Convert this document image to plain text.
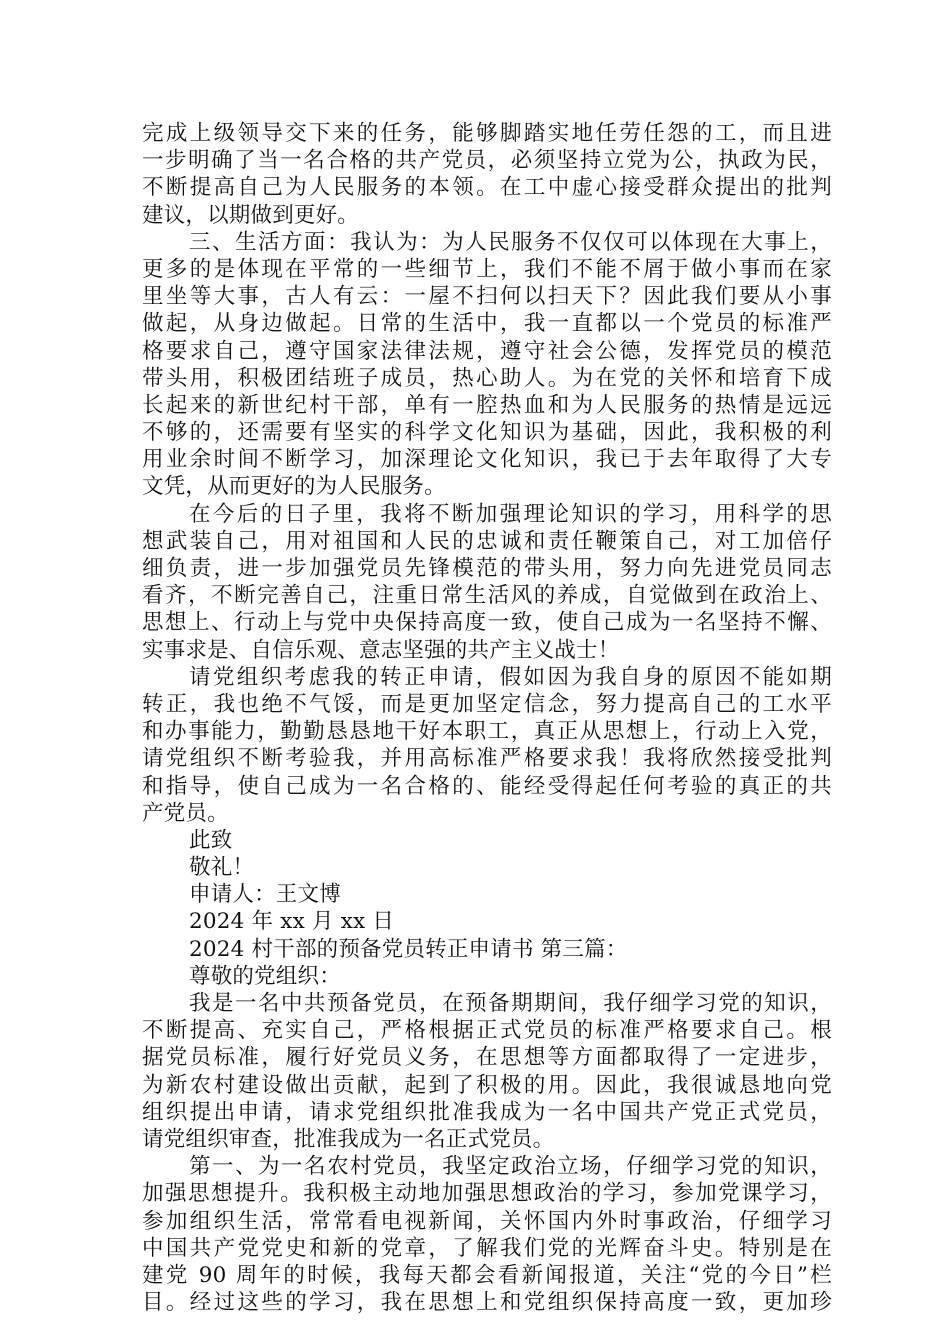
完成上级领导交下来的任务，能够脚踏实地任劳任怨的工，而且进
一步明确了当一名合格的共产党员，必须坚持立党为公，执政为民，
不断提高自己为人民服务的本领。在工中虚心接受群众提出的批判
建议，以期做到更好。
三、生活方面：我认为：为人民服务不仅仅可以体现在大事上，
更多的是体现在平常的一些细节上，我们不能不屑于做小事而在家
里坐等大事，古人有云：一屋不扫何以扫天下？因此我们要从小事
做起，从身边做起。日常的生活中，我一直都以一个党员的标准严
格要求自己，遵守国家法律法规，遵守社会公德，发挥党员的模范
带头用，积极团结班子成员，热心助人。为在党的关怀和培育下成
长起来的新世纪村干部，单有一腔热血和为人民服务的热情是远远
不够的，还需要有坚实的科学文化知识为基础，因此，我积极的利
用业余时间不断学习，加深理论文化知识，我已于去年取得了大专
文凭，从而更好的为人民服务。
在今后的日子里，我将不断加强理论知识的学习，用科学的思
想武装自己，用对祖国和人民的忠诚和责任鞭策自己，对工加倍仔
细负责，进一步加强党员先锋模范的带头用，努力向先进党员同志
看齐，不断完善自己，注重日常生活风的养成，自觉做到在政治上、
思想上、行动上与党中央保持高度一致，使自己成为一名坚持不懈、
实事求是、自信乐观、意志坚强的共产主义战士！
请党组织考虑我的转正申请，假如因为我自身的原因不能如期
转正，我也绝不气馁，而是更加坚定信念，努力提高自己的工水平
和办事能力，勤勤恳恳地干好本职工，真正从思想上，行动上入党，
请党组织不断考验我，并用高标准严格要求我！我将欣然接受批判
和指导，使自己成为一名合格的、能经受得起任何考验的真正的共
产党员。
此致
敬礼！
申请人：王文博
2024 年 xx 月 xx 日
2024 村干部的预备党员转正申请书 第三篇：
尊敬的党组织：
我是一名中共预备党员，在预备期期间，我仔细学习党的知识，
不断提高、充实自己，严格根据正式党员的标准严格要求自己。根
据党员标准，履行好党员义务，在思想等方面都取得了一定进步，
为新农村建设做出贡献，起到了积极的用。因此，我很诚恳地向党
组织提出申请，请求党组织批准我成为一名中国共产党正式党员，
请党组织审查，批准我成为一名正式党员。
第一、为一名农村党员，我坚定政治立场，仔细学习党的知识，
加强思想提升。我积极主动地加强思想政治的学习，参加党课学习，
参加组织生活，常常看电视新闻，关怀国内外时事政治，仔细学习
中国共产党党史和新的党章，了解我们党的光辉奋斗史。特别是在
建党 90 周年的时候，我每天都会看新闻报道，关注“党的今日”栏
目。经过这些的学习，我在思想上和党组织保持高度一致，更加珍
